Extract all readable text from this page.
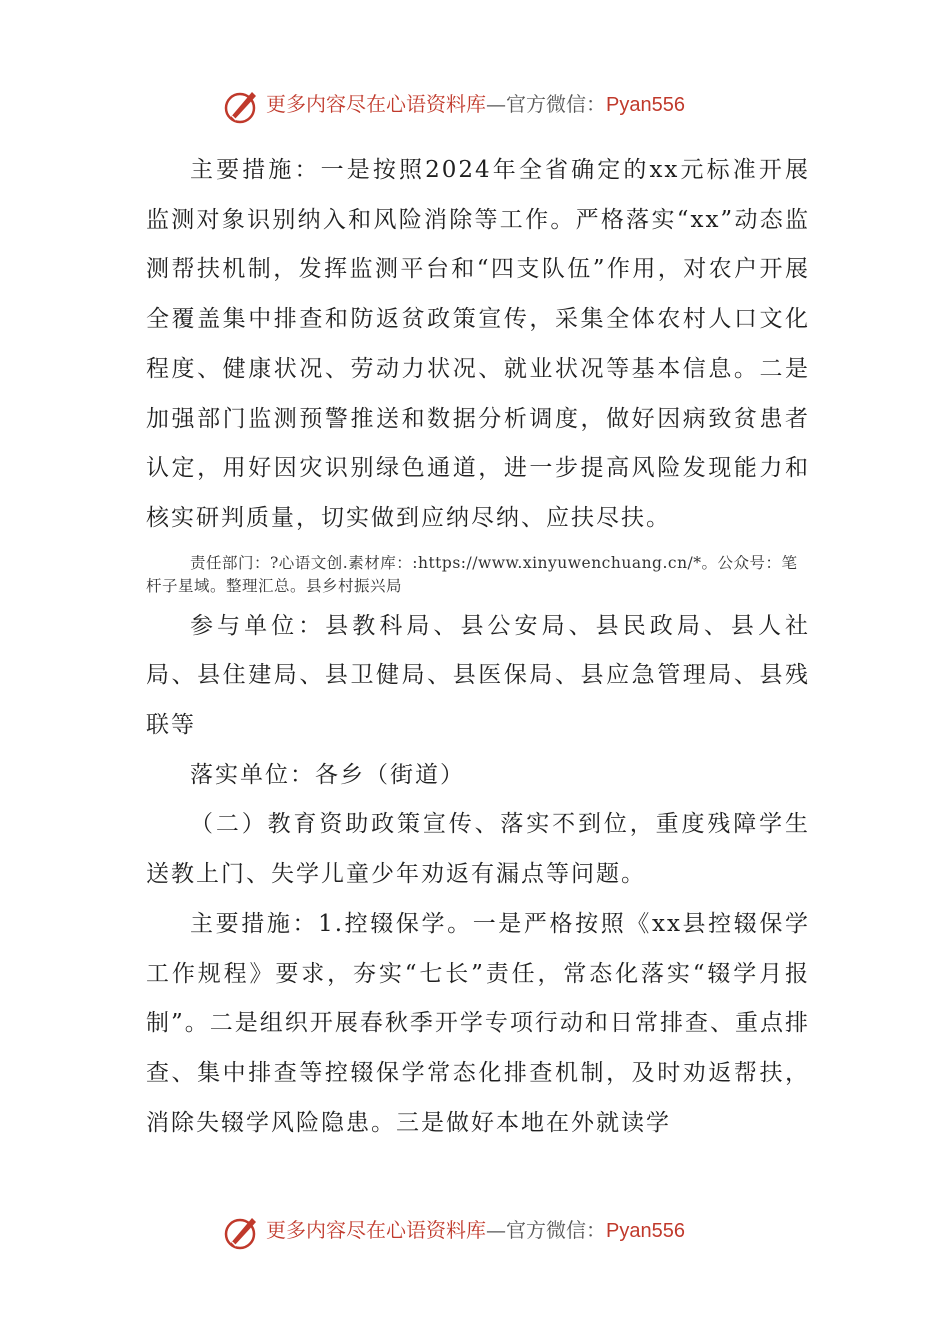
更多内容尽在心语资料库—官方微信：Pyan556

主要措施：一是按照2024年全省确定的xx元标准开展监测对象识别纳入和风险消除等工作。严格落实“xx”动态监测帮扶机制，发挥监测平台和“四支队伍”作用，对农户开展全覆盖集中排查和防返贫政策宣传，采集全体农村人口文化程度、健康状况、劳动力状况、就业状况等基本信息。二是加强部门监测预警推送和数据分析调度，做好因病致贫患者认定，用好因灾识别绿色通道，进一步提高风险发现能力和核实研判质量，切实做到应纳尽纳、应扶尽扶。

责任部门：?心语文创.素材库：:https://www.xinyuwenchuang.cn/*。公众号：笔杆子星域。整理汇总。县乡村振兴局

参与单位：县教科局、县公安局、县民政局、县人社局、县住建局、县卫健局、县医保局、县应急管理局、县残联等

落实单位：各乡（街道）

（二）教育资助政策宣传、落实不到位，重度残障学生送教上门、失学儿童少年劝返有漏点等问题。

主要措施：1.控辍保学。一是严格按照《xx县控辍保学工作规程》要求，夯实“七长”责任，常态化落实“辍学月报制”。二是组织开展春秋季开学专项行动和日常排查、重点排查、集中排查等控辍保学常态化排查机制，及时劝返帮扶，消除失辍学风险隐患。三是做好本地在外就读学

更多内容尽在心语资料库—官方微信：Pyan556
